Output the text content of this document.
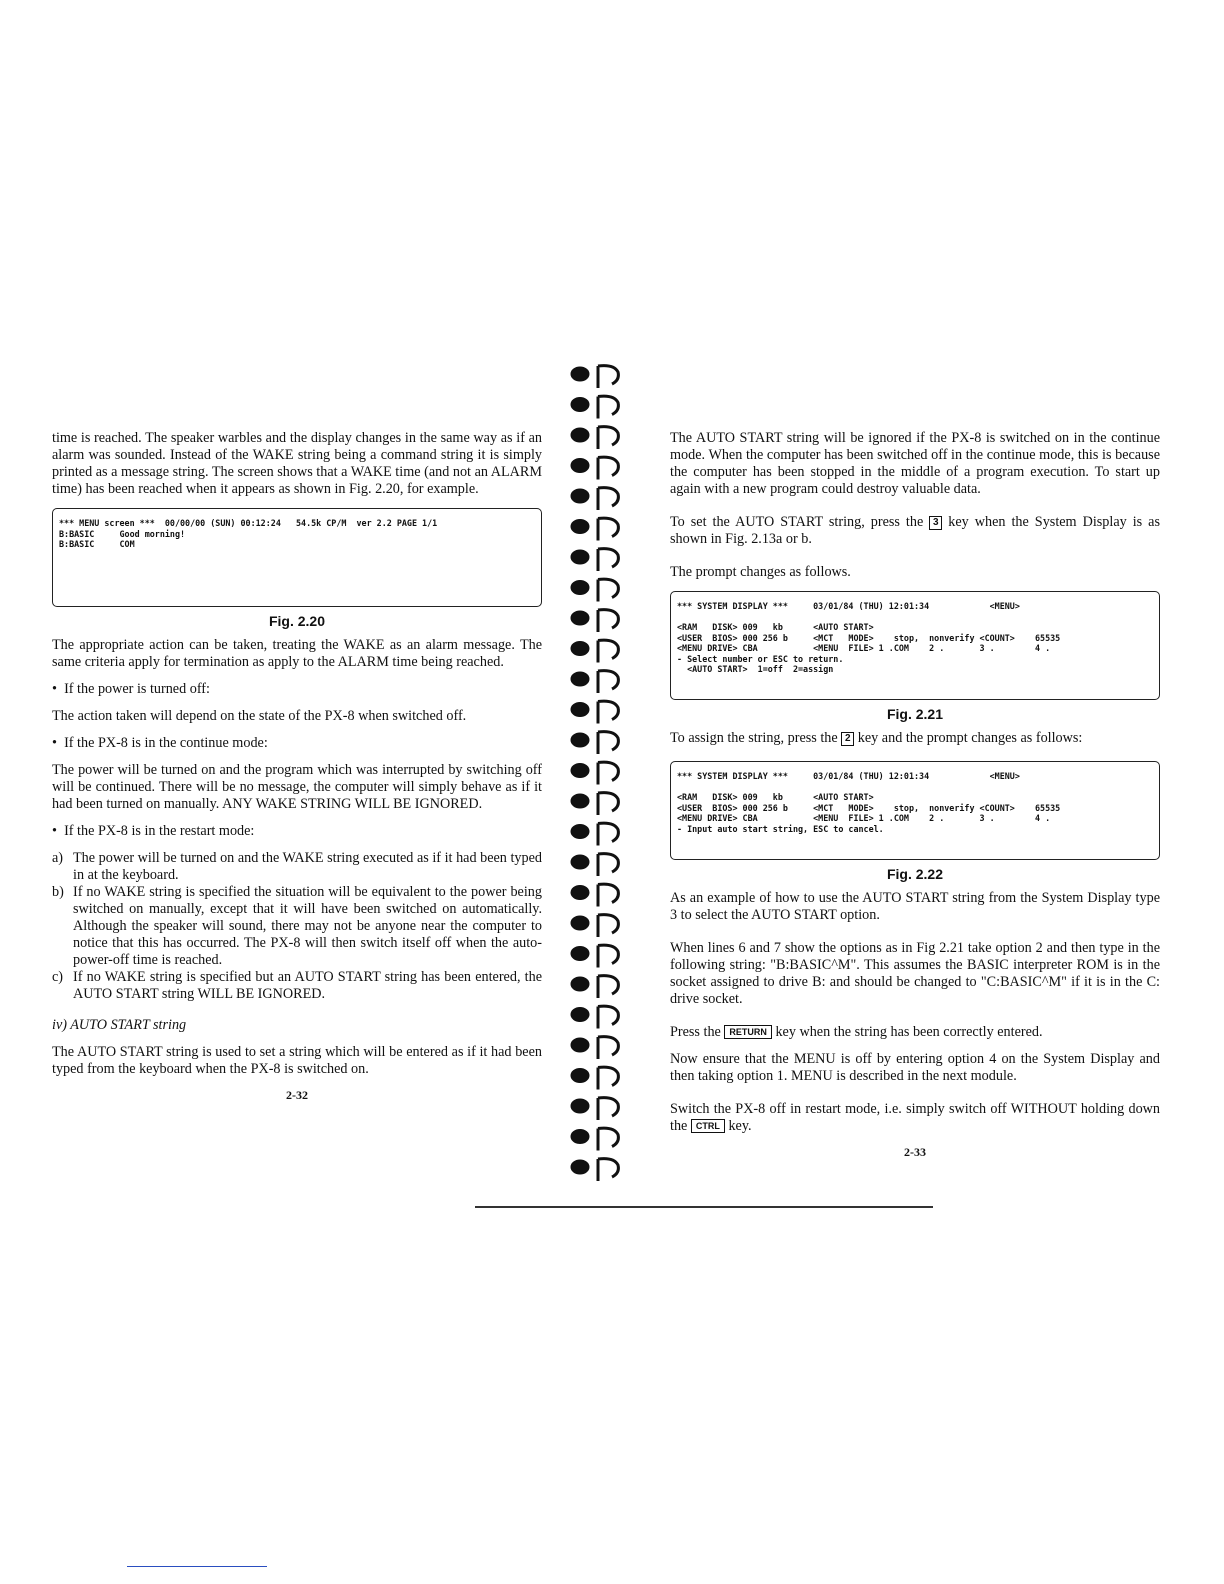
time is reached. The speaker warbles and the display changes in the same way as if an alarm was sounded. Instead of the WAKE string being a command string it is simply printed as a message string. The screen shows that a WAKE time (and not an ALARM time) has been reached when it appears as shown in Fig. 2.20, for example.

*** MENU screen ***  00/00/00 (SUN) 00:12:24   54.5k CP/M  ver 2.2 PAGE 1/1
B:BASIC     Good morning!
B:BASIC     COM
Fig. 2.20

The appropriate action can be taken, treating the WAKE as an alarm message. The same criteria apply for termination as apply to the ALARM time being reached.

•  If the power is turned off:

The action taken will depend on the state of the PX-8 when switched off.

•  If the PX-8 is in the continue mode:

The power will be turned on and the program which was interrupted by switching off will be continued. There will be no message, the computer will simply behave as if it had been turned on manually. ANY WAKE STRING WILL BE IGNORED.

•  If the PX-8 is in the restart mode:
a) The power will be turned on and the WAKE string executed as if it had been typed in at the keyboard.
b) If no WAKE string is specified the situation will be equivalent to the power being switched on manually, except that it will have been switched on automatically. Although the speaker will sound, there may not be anyone near the computer to notice that this has occurred. The PX-8 will then switch itself off when the auto-power-off time is reached.
c) If no WAKE string is specified but an AUTO START string has been entered, the AUTO START string WILL BE IGNORED.
iv) AUTO START string

The AUTO START string is used to set a string which will be entered as if it had been typed from the keyboard when the PX-8 is switched on.

2-32

The AUTO START string will be ignored if the PX-8 is switched on in the continue mode. When the computer has been switched off in the continue mode, this is because the computer has been stopped in the middle of a program execution. To start up again with a new program could destroy valuable data.

To set the AUTO START string, press the 3 key when the System Display is as shown in Fig. 2.13a or b.

The prompt changes as follows.

*** SYSTEM DISPLAY ***     03/01/84 (THU) 12:01:34            <MENU>

<RAM   DISK> 009   kb      <AUTO START>
<USER  BIOS> 000 256 b     <MCT   MODE>    stop,  nonverify <COUNT>    65535
<MENU DRIVE> CBA           <MENU  FILE> 1 .COM    2 .       3 .        4 .
- Select number or ESC to return.
<AUTO START>  1=off  2=assign
Fig. 2.21

To assign the string, press the 2 key and the prompt changes as follows:

*** SYSTEM DISPLAY ***     03/01/84 (THU) 12:01:34            <MENU>

<RAM   DISK> 009   kb      <AUTO START>
<USER  BIOS> 000 256 b     <MCT   MODE>    stop,  nonverify <COUNT>    65535
<MENU DRIVE> CBA           <MENU  FILE> 1 .COM    2 .       3 .        4 .
- Input auto start string, ESC to cancel.
Fig. 2.22

As an example of how to use the AUTO START string from the System Display type 3 to select the AUTO START option.

When lines 6 and 7 show the options as in Fig 2.21 take option 2 and then type in the following string: "B:BASIC^M". This assumes the BASIC interpreter ROM is in the socket assigned to drive B: and should be changed to "C:BASIC^M" if it is in the C: drive socket.

Press the RETURN key when the string has been correctly entered.

Now ensure that the MENU is off by entering option 4 on the System Display and then taking option 1. MENU is described in the next module.

Switch the PX-8 off in restart mode, i.e. simply switch off WITHOUT holding down the CTRL key.

2-33
